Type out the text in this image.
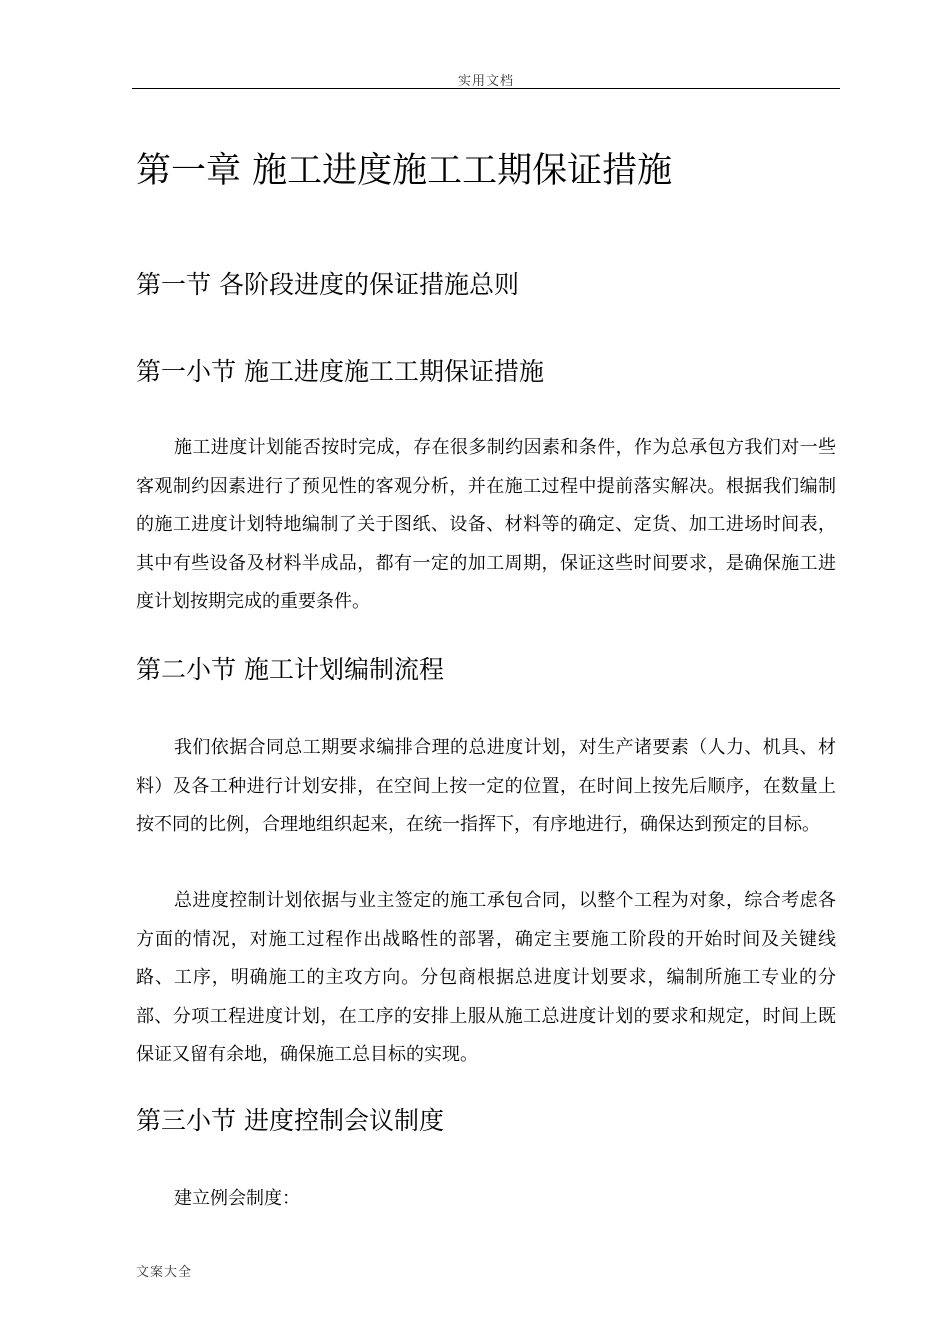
实用文档
第一章 施工进度施工工期保证措施
第一节 各阶段进度的保证措施总则
第一小节 施工进度施工工期保证措施

施工进度计划能否按时完成，存在很多制约因素和条件，作为总承包方我们对一些客观制约因素进行了预见性的客观分析，并在施工过程中提前落实解决。根据我们编制的施工进度计划特地编制了关于图纸、设备、材料等的确定、定货、加工进场时间表，其中有些设备及材料半成品，都有一定的加工周期，保证这些时间要求，是确保施工进度计划按期完成的重要条件。

第二小节 施工计划编制流程

我们依据合同总工期要求编排合理的总进度计划，对生产诸要素（人力、机具、材料）及各工种进行计划安排，在空间上按一定的位置，在时间上按先后顺序，在数量上按不同的比例，合理地组织起来，在统一指挥下，有序地进行，确保达到预定的目标。

总进度控制计划依据与业主签定的施工承包合同，以整个工程为对象，综合考虑各方面的情况，对施工过程作出战略性的部署，确定主要施工阶段的开始时间及关键线路、工序，明确施工的主攻方向。分包商根据总进度计划要求，编制所施工专业的分部、分项工程进度计划，在工序的安排上服从施工总进度计划的要求和规定，时间上既保证又留有余地，确保施工总目标的实现。

第三小节 进度控制会议制度

建立例会制度：

文案大全
